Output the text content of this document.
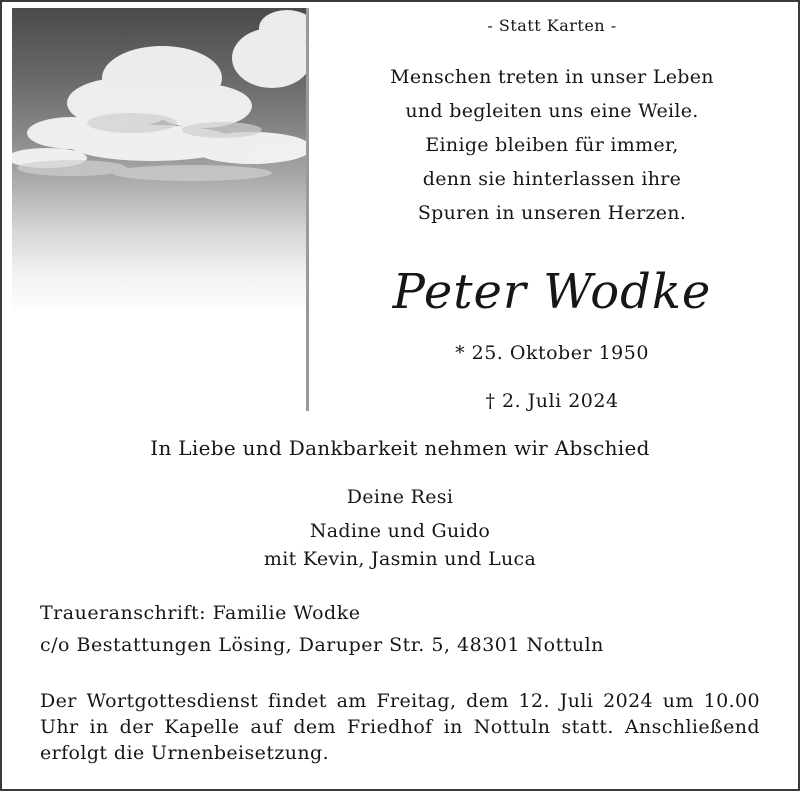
- Statt Karten -
Menschen treten in unser Leben
und begleiten uns eine Weile.
Einige bleiben für immer,
denn sie hinterlassen ihre
Spuren in unseren Herzen.
Peter Wodke
* 25. Oktober 1950
† 2. Juli 2024
In Liebe und Dankbarkeit nehmen wir Abschied
Deine Resi
Nadine und Guido
mit Kevin, Jasmin und Luca
Traueranschrift: Familie Wodke
c/o Bestattungen Lösing, Daruper Str. 5, 48301 Nottuln
Der Wortgottesdienst findet am Freitag, dem 12. Juli 2024 um 10.00 Uhr in der Kapelle auf dem Friedhof in Nottuln statt. Anschließend erfolgt die Urnenbeisetzung.
